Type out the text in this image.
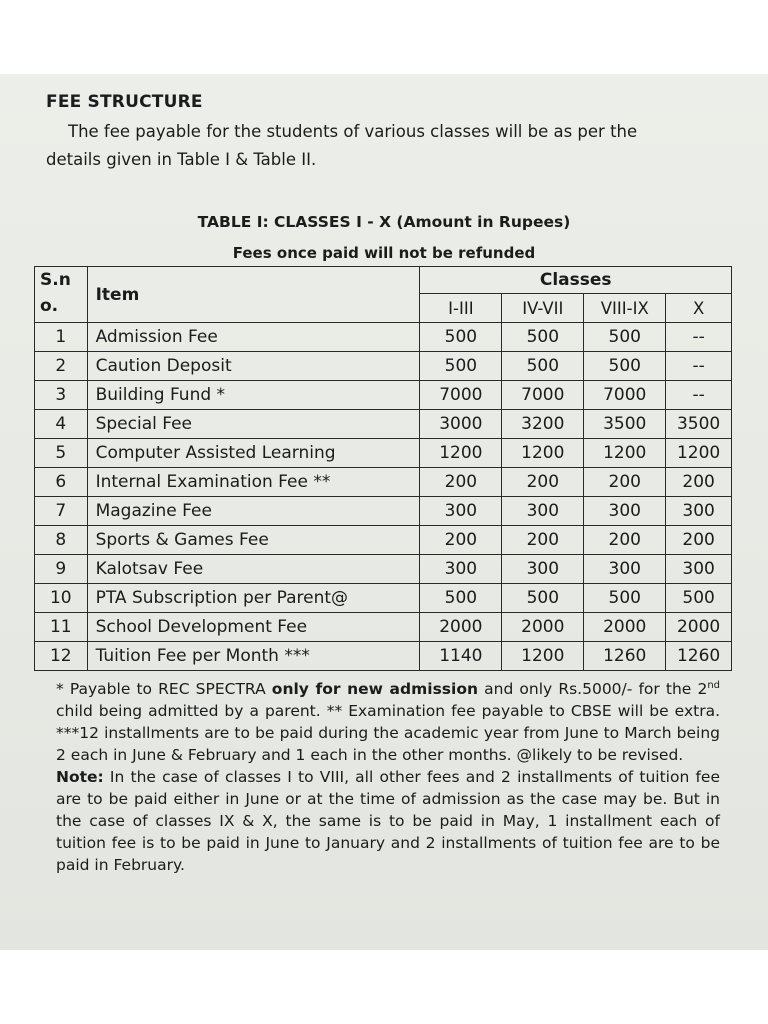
FEE STRUCTURE
The fee payable for the students of various classes will be as per the
details given in Table I & Table II.
TABLE I: CLASSES I - X (Amount in Rupees)
Fees once paid will not be refunded
S.n o.	Item	Classes			
		I-III	IV-VII	VIII-IX	X
1	Admission Fee	500	500	500	--
2	Caution Deposit	500	500	500	--
3	Building Fund *	7000	7000	7000	--
4	Special Fee	3000	3200	3500	3500
5	Computer Assisted Learning	1200	1200	1200	1200
6	Internal Examination Fee **	200	200	200	200
7	Magazine Fee	300	300	300	300
8	Sports & Games Fee	200	200	200	200
9	Kalotsav Fee	300	300	300	300
10	PTA Subscription per Parent@	500	500	500	500
11	School Development Fee	2000	2000	2000	2000
12	Tuition Fee per Month ***	1140	1200	1260	1260
* Payable to REC SPECTRA only for new admission and only Rs.5000/- for the 2nd child being admitted by a parent. ** Examination fee payable to CBSE will be extra. ***12 installments are to be paid during the academic year from June to March being 2 each in June & February and 1 each in the other months. @likely to be revised.
Note: In the case of classes I to VIII, all other fees and 2 installments of tuition fee are to be paid either in June or at the time of admission as the case may be. But in the case of classes IX & X, the same is to be paid in May, 1 installment each of tuition fee is to be paid in June to January and 2 installments of tuition fee are to be paid in February.
